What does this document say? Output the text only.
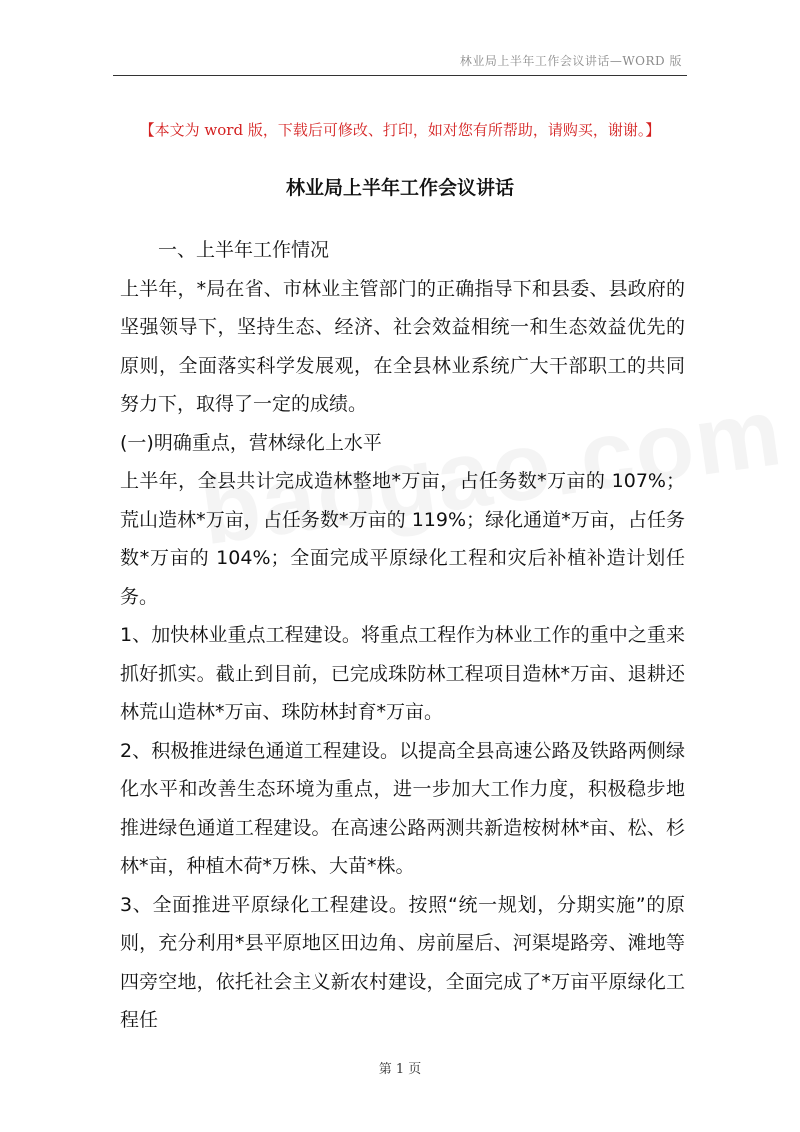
林业局上半年工作会议讲话—WORD 版
【本文为 word 版，下载后可修改、打印，如对您有所帮助，请购买，谢谢。】
林业局上半年工作会议讲话

一、上半年工作情况

上半年，*局在省、市林业主管部门的正确指导下和县委、县政府的坚强领导下，坚持生态、经济、社会效益相统一和生态效益优先的原则，全面落实科学发展观，在全县林业系统广大干部职工的共同努力下，取得了一定的成绩。

(一)明确重点，营林绿化上水平

上半年，全县共计完成造林整地*万亩，占任务数*万亩的 107%；荒山造林*万亩，占任务数*万亩的 119%；绿化通道*万亩，占任务数*万亩的 104%；全面完成平原绿化工程和灾后补植补造计划任务。

1、加快林业重点工程建设。将重点工程作为林业工作的重中之重来抓好抓实。截止到目前，已完成珠防林工程项目造林*万亩、退耕还林荒山造林*万亩、珠防林封育*万亩。

2、积极推进绿色通道工程建设。以提高全县高速公路及铁路两侧绿化水平和改善生态环境为重点，进一步加大工作力度，积极稳步地推进绿色通道工程建设。在高速公路两测共新造桉树林*亩、松、杉林*亩，种植木荷*万株、大苗*株。

3、全面推进平原绿化工程建设。按照“统一规划，分期实施”的原则，充分利用*县平原地区田边角、房前屋后、河渠堤路旁、滩地等四旁空地，依托社会主义新农村建设，全面完成了*万亩平原绿化工程任

第 1 页
